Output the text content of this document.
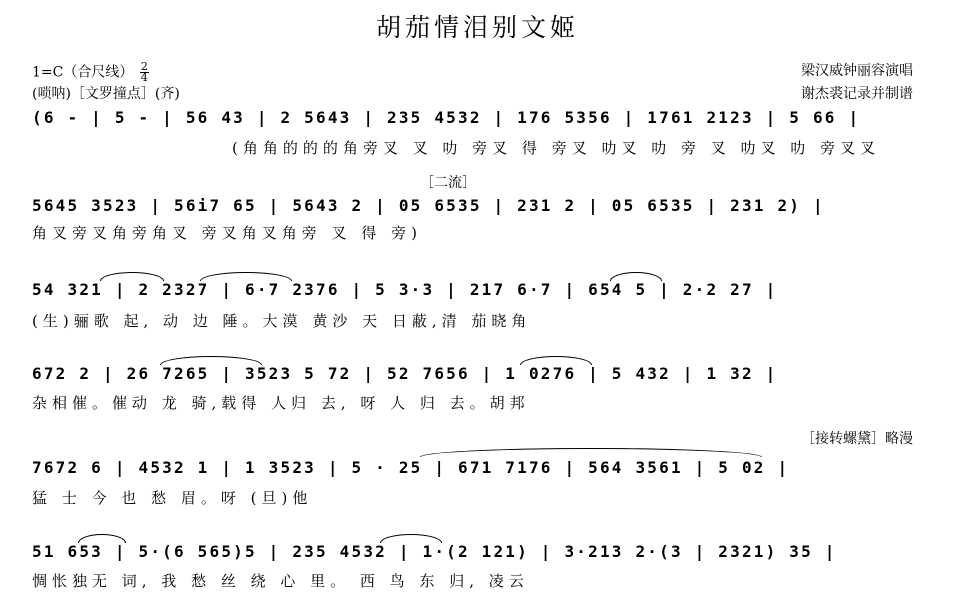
胡茄情泪别文姬
1=C（合尺线） $\frac{2}{4}$
(唢呐)［文罗撞点］(齐)
梁汉威钟丽容演唱
谢杰裘记录并制谱
(6 - | 5 - | 56 43 | 2 5643 | 235 4532 | 176 5356 | 1761 2123 | 5 66 |
　　　　　　　　　　(角角的的的角旁叉 叉 叻 旁叉 得 旁叉 叻叉 叻 旁 叉 叻叉 叻 旁叉叉
［二流］
5645 3523 | 56i7 65 | 5643 2 | 05 6535 | 231 2 | 05 6535 | 231 2) |
角叉旁叉角旁角叉 旁叉角叉角旁 叉 得 旁)
54 321 | 2 2327 | 6·7 2376 | 5 3·3 | 217 6·7 | 654 5 | 2·2 27 |
(生)骊歌 起, 动 边 陲。大漠 黄沙 天 日蔽,清 茄晓角
672 2 | 26 7265 | 3523 5 72 | 52 7656 | 1 0276 | 5 432 | 1 32 |
杂相催。催动 龙 骑,载得 人归 去, 呀 人 归 去。胡邦
［接转螺黛］略漫
7672 6 | 4532 1 | 1 3523 | 5 · 25 | 671 7176 | 564 3561 | 5 02 |
猛 士 今 也 愁 眉。呀 (旦)他
51 653 | 5·(6 565)5 | 235 4532 | 1·(2 121) | 3·213 2·(3 | 2321) 35 |
惆怅独无 词, 我 愁 丝 绕 心 里。 西 鸟 东 归, 凌云
